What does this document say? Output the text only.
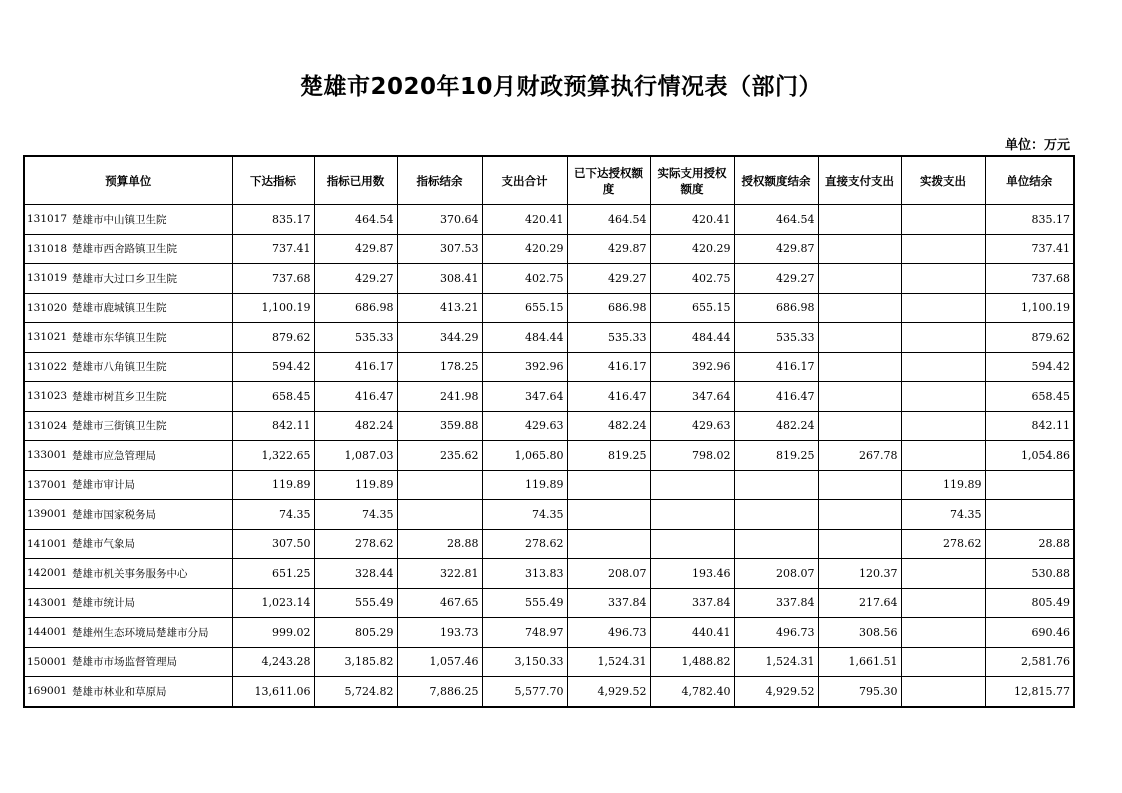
楚雄市2020年10月财政预算执行情况表（部门）
单位：万元
预算单位		下达指标	指标已用数	指标结余	支出合计	已下达授权额度	实际支用授权额度	授权额度结余	直接支付支出	实拨支出	单位结余
131017	楚雄市中山镇卫生院	835.17	464.54	370.64	420.41	464.54	420.41	464.54			835.17
131018	楚雄市西舍路镇卫生院	737.41	429.87	307.53	420.29	429.87	420.29	429.87			737.41
131019	楚雄市大过口乡卫生院	737.68	429.27	308.41	402.75	429.27	402.75	429.27			737.68
131020	楚雄市鹿城镇卫生院	1,100.19	686.98	413.21	655.15	686.98	655.15	686.98			1,100.19
131021	楚雄市东华镇卫生院	879.62	535.33	344.29	484.44	535.33	484.44	535.33			879.62
131022	楚雄市八角镇卫生院	594.42	416.17	178.25	392.96	416.17	392.96	416.17			594.42
131023	楚雄市树苴乡卫生院	658.45	416.47	241.98	347.64	416.47	347.64	416.47			658.45
131024	楚雄市三街镇卫生院	842.11	482.24	359.88	429.63	482.24	429.63	482.24			842.11
133001	楚雄市应急管理局	1,322.65	1,087.03	235.62	1,065.80	819.25	798.02	819.25	267.78		1,054.86
137001	楚雄市审计局	119.89	119.89		119.89					119.89	
139001	楚雄市国家税务局	74.35	74.35		74.35					74.35	
141001	楚雄市气象局	307.50	278.62	28.88	278.62					278.62	28.88
142001	楚雄市机关事务服务中心	651.25	328.44	322.81	313.83	208.07	193.46	208.07	120.37		530.88
143001	楚雄市统计局	1,023.14	555.49	467.65	555.49	337.84	337.84	337.84	217.64		805.49
144001	楚雄州生态环境局楚雄市分局	999.02	805.29	193.73	748.97	496.73	440.41	496.73	308.56		690.46
150001	楚雄市市场监督管理局	4,243.28	3,185.82	1,057.46	3,150.33	1,524.31	1,488.82	1,524.31	1,661.51		2,581.76
169001	楚雄市林业和草原局	13,611.06	5,724.82	7,886.25	5,577.70	4,929.52	4,782.40	4,929.52	795.30		12,815.77
